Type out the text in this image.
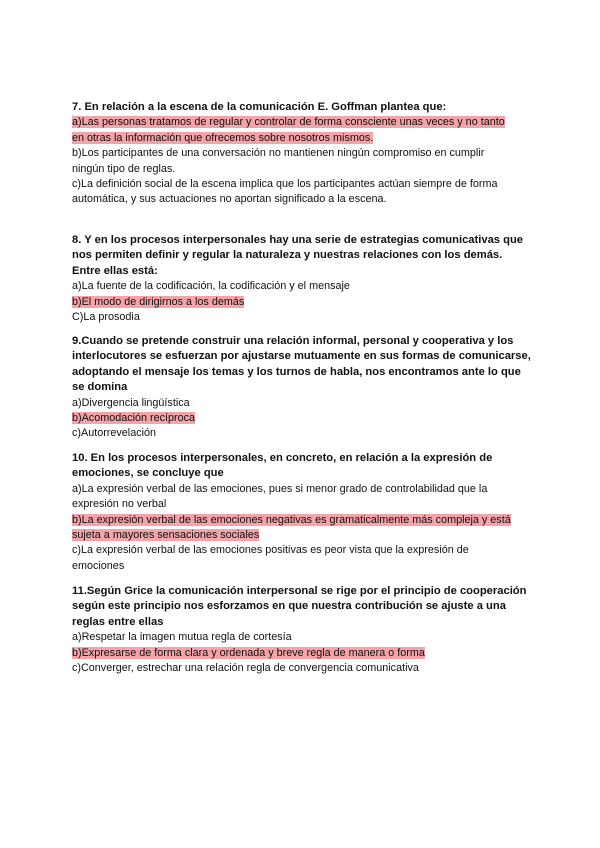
7. En relación a la escena de la comunicación E. Goffman plantea que:

a)Las personas tratamos de regular y controlar de forma consciente unas veces y no tanto
en otras la información que ofrecemos sobre nosotros mismos.
b)Los participantes de una conversación no mantienen ningún compromiso en cumplir
ningún tipo de reglas.
c)La definición social de la escena implica que los participantes actúan siempre de forma
automática, y sus actuaciones no aportan significado a la escena.

8. Y en los procesos interpersonales hay una serie de estrategias comunicativas que nos permiten definir y regular la naturaleza y nuestras relaciones con los demás. Entre ellas está:

a)La fuente de la codificación, la codificación y el mensaje
b)El modo de dirigirnos a los demás
C)La prosodia

9.Cuando se pretende construir una relación informal, personal y cooperativa y los interlocutores se esfuerzan por ajustarse mutuamente en sus formas de comunicarse, adoptando el mensaje los temas y los turnos de habla, nos encontramos ante lo que se domina

a)Divergencia lingüística
b)Acomodación recíproca
c)Autorrevelación

10. En los procesos interpersonales, en concreto, en relación a la expresión de emociones, se concluye que

a)La expresión verbal de las emociones, pues si menor grado de controlabilidad que la
expresión no verbal
b)La expresión verbal de las emociones negativas es gramaticalmente más compleja y está
sujeta a mayores sensaciones sociales
c)La expresión verbal de las emociones positivas es peor vista que la expresión de
emociones

11.Según Grice la comunicación interpersonal se rige por el principio de cooperación según este principio nos esforzamos en que nuestra contribución se ajuste a una reglas entre ellas

a)Respetar la imagen mutua regla de cortesía
b)Expresarse de forma clara y ordenada y breve regla de manera o forma
c)Converger, estrechar una relación regla de convergencia comunicativa
